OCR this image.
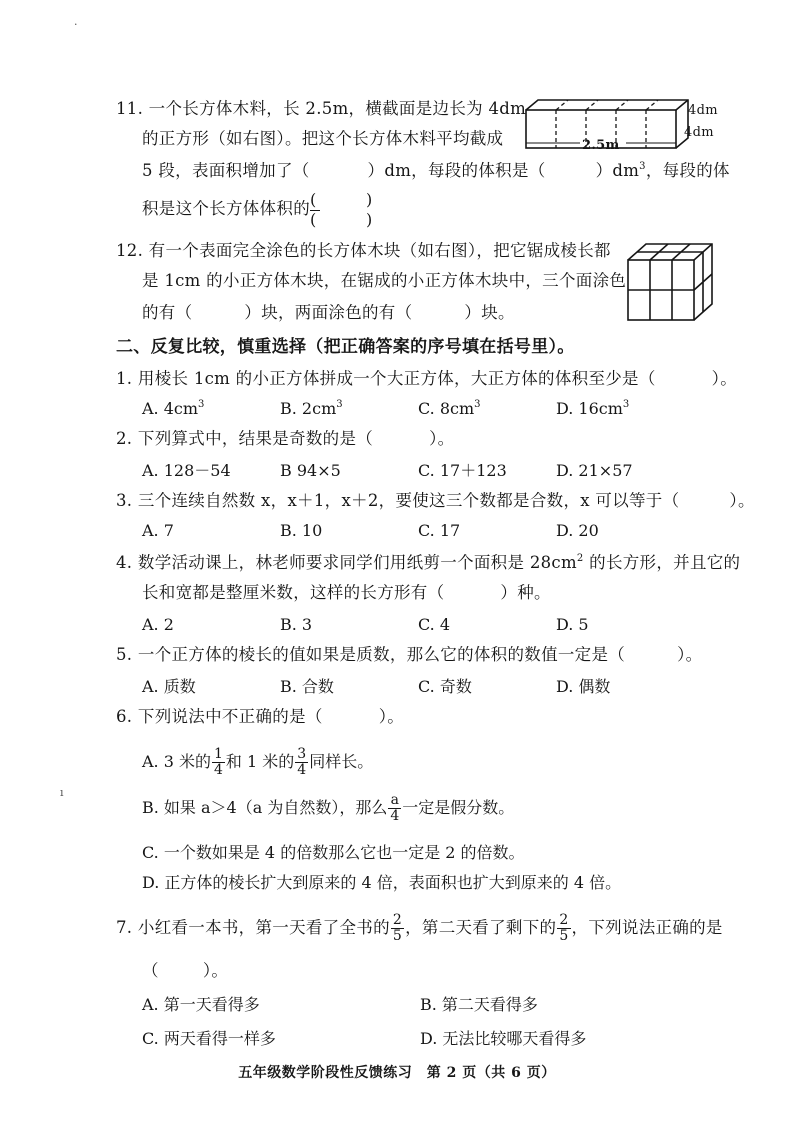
·
ı
11. 一个长方体木料，长 2.5m，横截面是边长为 4dm
的正方形（如右图）。把这个长方体木料平均截成
5 段，表面积增加了（	）dm，每段的体积是（	）$dm^3$，每段的体
积是这个长方体体积的 (	)
(	)
2.5m
4dm
4dm
12. 有一个表面完全涂色的长方体木块（如右图），把它锯成棱长都
是 1cm 的小正方体木块，在锯成的小正方体木块中，三个面涂色
的有（	）块，两面涂色的有（	）块。
二、反复比较，慎重选择（把正确答案的序号填在括号里）。
1. 用棱长 1cm 的小正方体拼成一个大正方体，大正方体的体积至少是（	）。
A. $4cm^3$	B. $2cm^3$	C. $8cm^3$	D. $16cm^3$
2. 下列算式中，结果是奇数的是（	）。
A. 128－54	B 94×5	C. 17＋123	D. 21×57
3. 三个连续自然数 x，x＋1，x＋2，要使这三个数都是合数，x 可以等于（	）。
A. 7	B. 10	C. 17	D. 20
4. 数学活动课上，林老师要求同学们用纸剪一个面积是 $28cm^2$ 的长方形，并且它的
长和宽都是整厘米数，这样的长方形有（	）种。
A. 2	B. 3	C. 4	D. 5
5. 一个正方体的棱长的值如果是质数，那么它的体积的数值一定是（	）。
A. 质数	B. 合数	C. 奇数	D. 偶数
6. 下列说法中不正确的是（	）。
A. 3 米的 $\frac{1}{4}$ 和 1 米的 $\frac{3}{4}$ 同样长。
B. 如果 a＞4（a 为自然数），那么 $\frac{a}{4}$ 一定是假分数。
C. 一个数如果是 4 的倍数那么它也一定是 2 的倍数。
D. 正方体的棱长扩大到原来的 4 倍，表面积也扩大到原来的 4 倍。
7. 小红看一本书，第一天看了全书的 $\frac{2}{5}$ ，第二天看了剩下的 $\frac{2}{5}$ ，下列说法正确的是
（	）。
A. 第一天看得多	B. 第二天看得多
C. 两天看得一样多	D. 无法比较哪天看得多
五年级数学阶段性反馈练习　第 2 页（共 6 页）
